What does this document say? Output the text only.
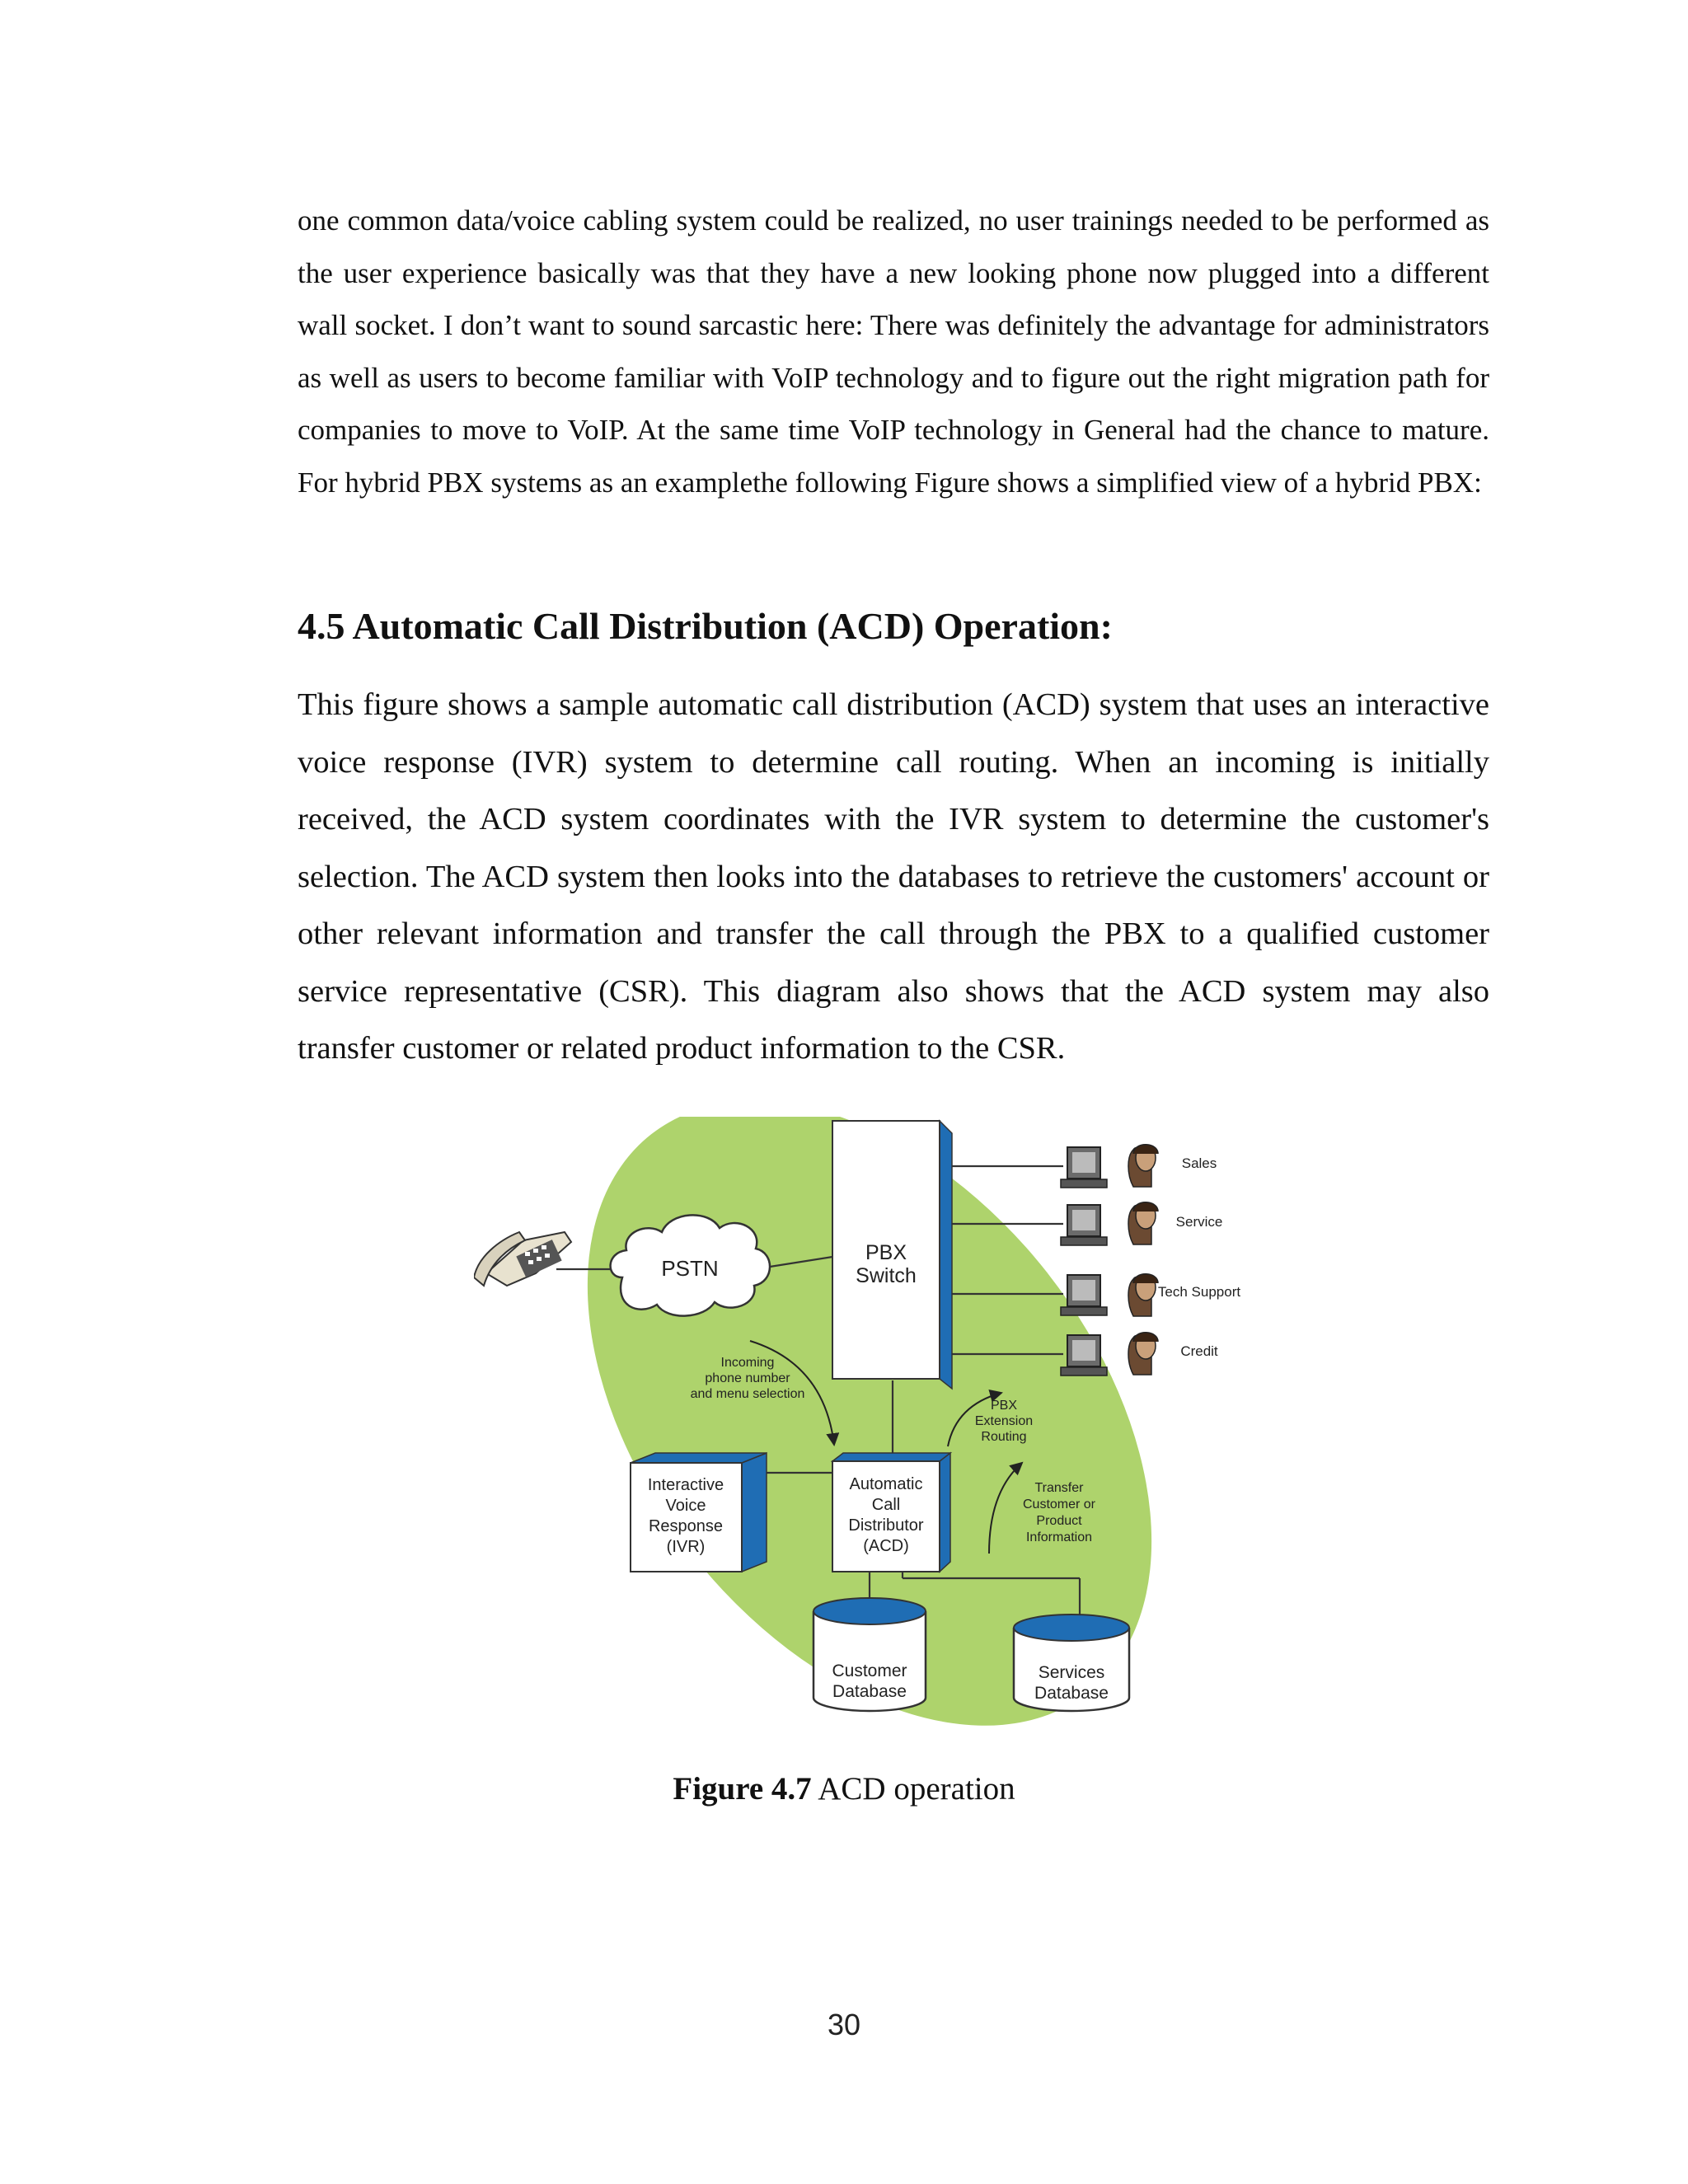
one common data/voice cabling system could be realized, no user trainings needed to be performed as the user experience basically was that they have a new looking phone now plugged into a different wall socket. I don’t want to sound sarcastic here: There was definitely the advantage for administrators as well as users to become familiar with VoIP technology and to figure out the right migration path for companies to move to VoIP. At the same time VoIP technology in General had the chance to mature. For hybrid PBX systems as an examplethe following Figure shows a simplified view of a hybrid PBX:

4.5 Automatic Call Distribution (ACD) Operation:

This figure shows a sample automatic call distribution (ACD) system that uses an interactive voice response (IVR) system to determine call routing. When an incoming is initially received, the ACD system coordinates with the IVR system to determine the customer's selection. The ACD system then looks into the databases to retrieve the customers' account or other relevant information and transfer the call through the PBX to a qualified customer service representative (CSR). This diagram also shows that the ACD system may also transfer customer or related product information to the CSR.

PSTN
PBX
Switch
Interactive
Voice
Response
(IVR)
Automatic
Call
Distributor
(ACD)
Incoming
phone number
and menu selection
PBX
Extension
Routing
Transfer
Customer or
Product
Information
Customer
Database
Services
Database
Sales
Service
Tech Support
Credit
Figure 4.7 ACD operation
30
